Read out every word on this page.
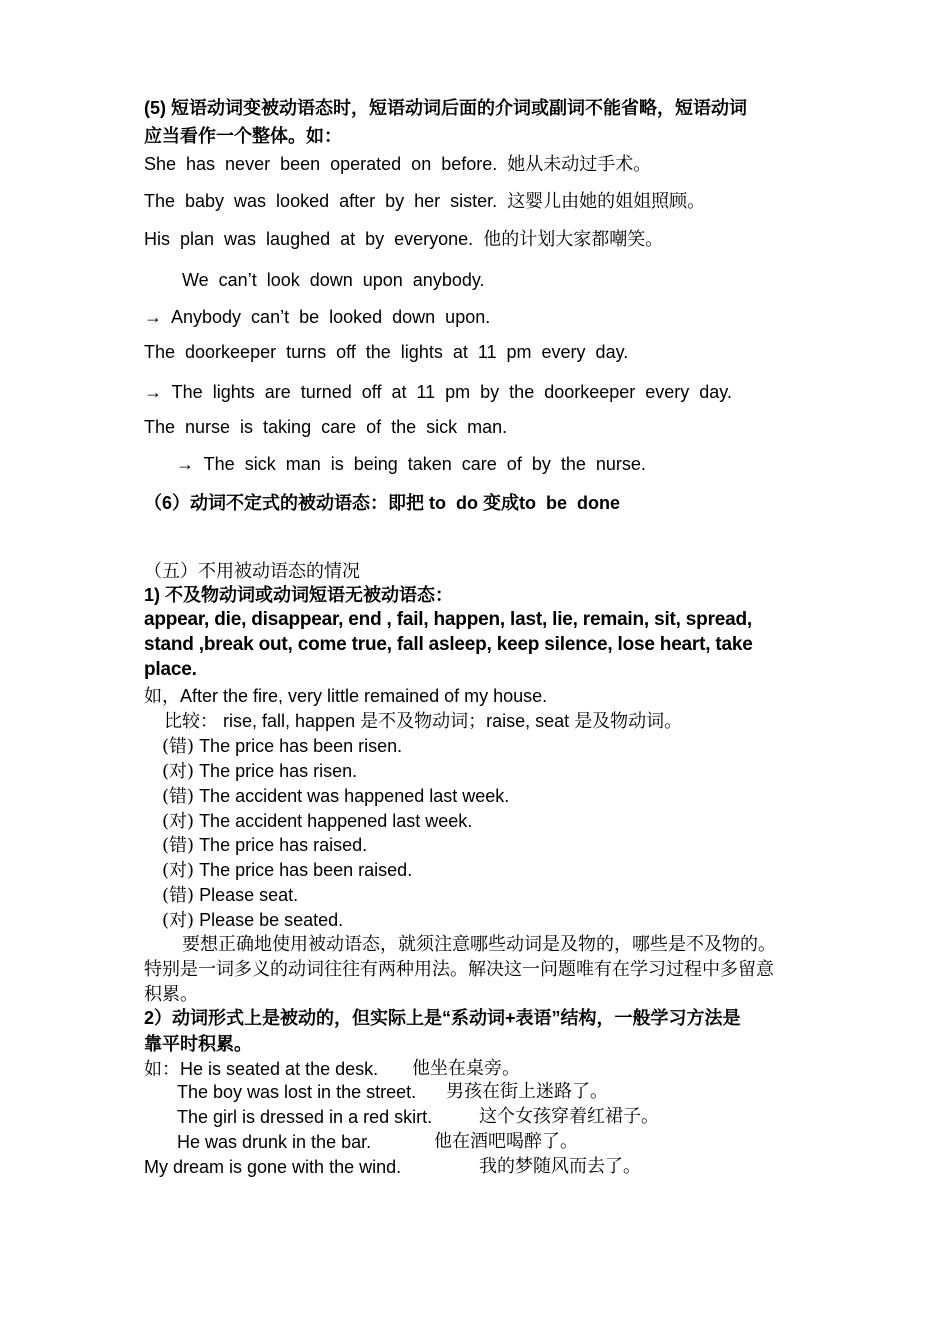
(5) 短语动词变被动语态时，短语动词后面的介词或副词不能省略，短语动词
应当看作一个整体。如：
She has never been operated on before. 她从未动过手术。
The baby was looked after by her sister. 这婴儿由她的姐姐照顾。
His plan was laughed at by everyone. 他的计划大家都嘲笑。
We can’t look down upon anybody.
→ Anybody can’t be looked down upon.
The doorkeeper turns off the lights at 11 pm every day.
→ The lights are turned off at 11 pm by the doorkeeper every day.
The nurse is taking care of the sick man.
→ The sick man is being taken care of by the nurse.
（6）动词不定式的被动语态：即把 to do 变成to be done
（五）不用被动语态的情况
1) 不及物动词或动词短语无被动语态：
appear, die, disappear, end , fail, happen, last, lie, remain, sit, spread,
stand ,break out, come true, fall asleep, keep silence, lose heart, take
place.
如，After the fire, very little remained of my house.
比较： rise, fall, happen 是不及物动词；raise, seat 是及物动词。
(错) The price has been risen.
(对) The price has risen.
(错) The accident was happened last week.
(对) The accident happened last week.
(错) The price has raised.
(对) The price has been raised.
(错) Please seat.
(对) Please be seated.
要想正确地使用被动语态，就须注意哪些动词是及物的，哪些是不及物的。
特别是一词多义的动词往往有两种用法。解决这一问题唯有在学习过程中多留意
积累。
2）动词形式上是被动的，但实际上是“系动词+表语”结构，一般学习方法是
靠平时积累。
如：He is seated at the desk. 他坐在桌旁。
The boy was lost in the street. 男孩在街上迷路了。
The girl is dressed in a red skirt.	这个女孩穿着红裙子。
He was drunk in the bar.	他在酒吧喝醉了。
My dream is gone with the wind.	我的梦随风而去了。
